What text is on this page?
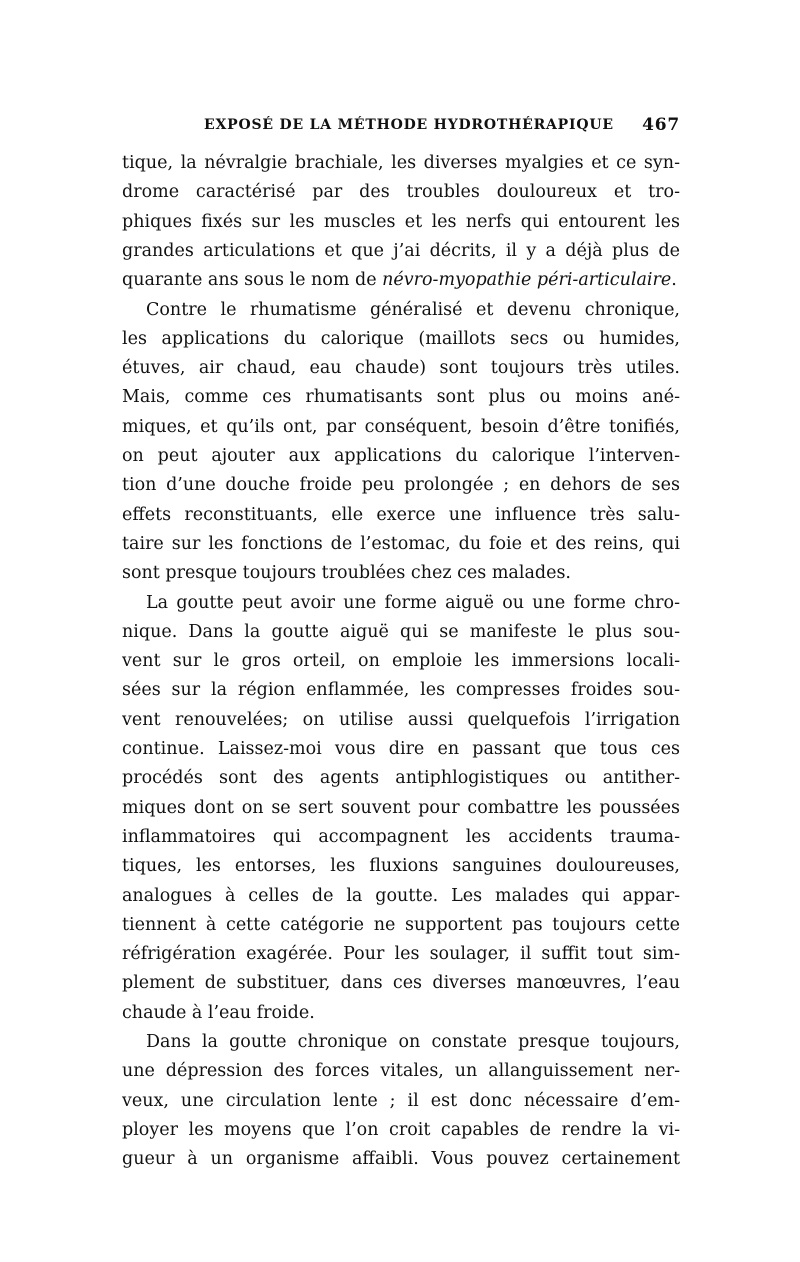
EXPOSÉ DE LA MÉTHODE HYDROTHÉRAPIQUE 467
tique, la névralgie brachiale, les diverses myalgies et ce syn-
drome caractérisé par des troubles douloureux et tro-
phiques fixés sur les muscles et les nerfs qui entourent les
grandes articulations et que j’ai décrits, il y a déjà plus de
quarante ans sous le nom de névro-myopathie péri-articulaire.
Contre le rhumatisme généralisé et devenu chronique,
les applications du calorique (maillots secs ou humides,
étuves, air chaud, eau chaude) sont toujours très utiles.
Mais, comme ces rhumatisants sont plus ou moins ané-
miques, et qu’ils ont, par conséquent, besoin d’être tonifiés,
on peut ajouter aux applications du calorique l’interven-
tion d’une douche froide peu prolongée ; en dehors de ses
effets reconstituants, elle exerce une influence très salu-
taire sur les fonctions de l’estomac, du foie et des reins, qui
sont presque toujours troublées chez ces malades.
La goutte peut avoir une forme aiguë ou une forme chro-
nique. Dans la goutte aiguë qui se manifeste le plus sou-
vent sur le gros orteil, on emploie les immersions locali-
sées sur la région enflammée, les compresses froides sou-
vent renouvelées; on utilise aussi quelquefois l’irrigation
continue. Laissez-moi vous dire en passant que tous ces
procédés sont des agents antiphlogistiques ou antither-
miques dont on se sert souvent pour combattre les poussées
inflammatoires qui accompagnent les accidents trauma-
tiques, les entorses, les fluxions sanguines douloureuses,
analogues à celles de la goutte. Les malades qui appar-
tiennent à cette catégorie ne supportent pas toujours cette
réfrigération exagérée. Pour les soulager, il suffit tout sim-
plement de substituer, dans ces diverses manœuvres, l’eau
chaude à l’eau froide.
Dans la goutte chronique on constate presque toujours,
une dépression des forces vitales, un allanguissement ner-
veux, une circulation lente ; il est donc nécessaire d’em-
ployer les moyens que l’on croit capables de rendre la vi-
gueur à un organisme affaibli. Vous pouvez certainement
